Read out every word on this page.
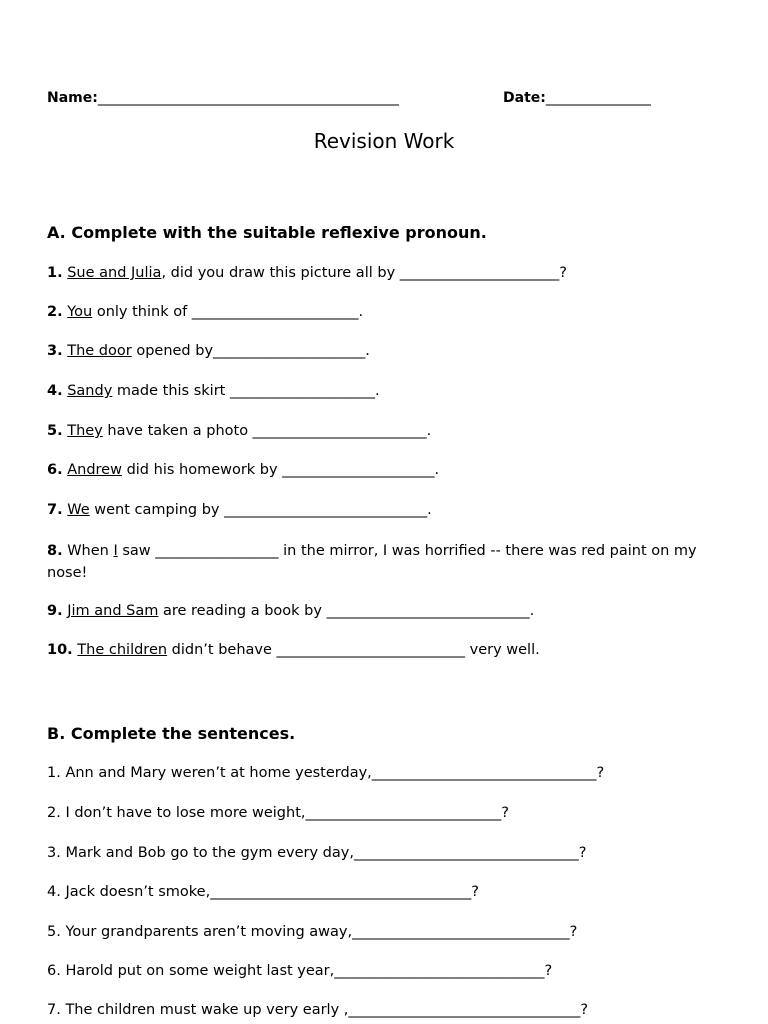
Name:___________________________________________	Date:_______________
Revision Work
A. Complete with the suitable reflexive pronoun.
1. Sue and Julia, did you draw this picture all by ______________________?
2. You only think of _______________________.
3. The door opened by_____________________.
4. Sandy made this skirt ____________________.
5. They have taken a photo ________________________.
6. Andrew did his homework by _____________________.
7. We went camping by ____________________________.
8. When I saw _________________ in the mirror, I was horrified -- there was red paint on my nose!
9. Jim and Sam are reading a book by ____________________________.
10. The children didn’t behave __________________________ very well.
B. Complete the sentences.
1. Ann and Mary weren’t at home yesterday,_______________________________?
2. I don’t have to lose more weight,___________________________?
3. Mark and Bob go to the gym every day,_______________________________?
4. Jack doesn’t smoke,____________________________________?
5. Your grandparents aren’t moving away,______________________________?
6. Harold put on some weight last year,_____________________________?
7. The children must wake up very early ,________________________________?
